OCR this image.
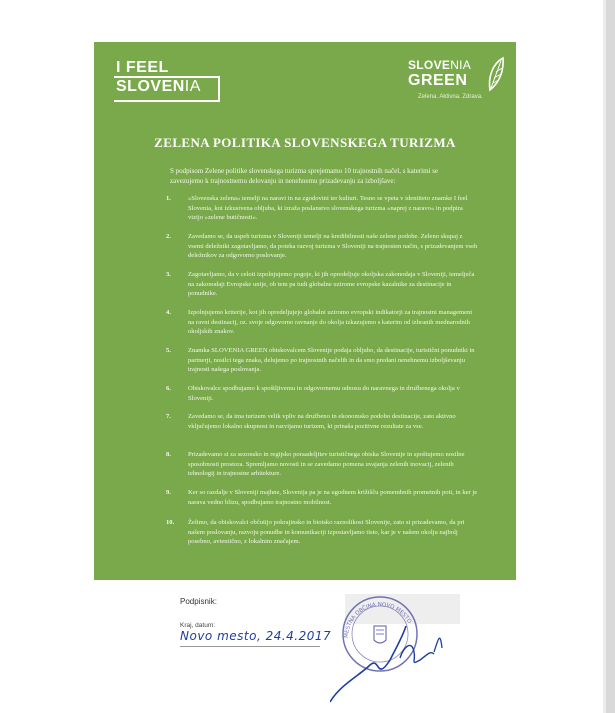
I FEEL
SLOVENIA
SLOVENIA
GREEN
Zelena. Aktivna. Zdrava.
ZELENA POLITIKA SLOVENSKEGA TURIZMA
S podpisom Zelene politike slovenskega turizma sprejemamo 10 trajnostnih načel, s katerimi se zavezujemo k trajnostnemu delovanju in nenehnemu prizadevanju za izboljšave:
1.	»Slovenska zelena« temelji na naravi in na zgodovini ter kulturi. Tesno se vpeta v identiteto znamke I feel Slovenia, kot izkustvena obljuba, ki izraža poslanstvo slovenskega turizma »naprej z naravo« in podpira vizijo »zelene butičnosti«.
2.	Zavedamo se, da uspeh turizma v Sloveniji temelji na kredibilnosti naše zelene podobe. Zeleno skupaj z vsemi deležniki zagotavljamo, da poteka razvoj turizma v Sloveniji na trajnosten način, s prizadevanjem vseh deležnikov za odgovorno poslovanje.
3.	Zagotavljamo, da v celoti izpolnjujemo pogoje, ki jih opredeljuje okoljska zakonodaja v Sloveniji, temelječa na zakonodaji Evropske unije, ob tem pa tudi globalne uzirome evropske kazalnike za destinacije in ponudnike.
4.	Izpolnjujemo kriterije, kot jih opredeljujejo globalni uziromo evropski indikatorji za trajnostni management na ravni destinacij, oz. svoje odgovorno ravnanje do okolja izkazujemo s katerim od izbranih mednarodnih okoljskih znakov.
5.	Znamka SLOVENIA GREEN obiskovalcem Slovenije podaja obljubo, da destinacije, turistični ponudniki in partnerji, nosilci tega znaka, delujemo po trajnostnih načelih in da smo predani nenehnemu izboljševanju trajnosti našega poslovanja.
6.	Obiskovalce spodbujamo k spoštljivemu in odgovornemu odnosu do naravnega in družbenega okolja v Sloveniji.
7.	Zavedamo se, da ima turizem velik vpliv na družbeno in ekonomsko podobo destinacije, zato aktivno vključujemo lokalno skupnost in razvijamo turizem, ki prinaša pozitivne rezultate za vse.
8.	Prizadevamo si za sezonsko in regijsko poraadeljitev turističnega obiska Slovenije in spoštujemo nosilne sposobnosti prostora. Spremljamo novosti in se zavedamo pomena uvajanja zelenih inovacij, zelenih tehnologij in trajnostne arhitekture.
9.	Ker so razdalje v Sloveniji majhne, Slovenija pa je na ugodnem križišču pomembnih prometnih poti, in ker je narava vedno blizu, spodbujamo trajnostno mobilnost.
10. Želimo, da obiskovalci občutijo pokrajinsko in biotsko raznolikost Slovenije, zato si prizadevamo, da pri našem poslovanju, razvoju ponudbe in komunikaciji izpostavljamo tisto, kar je v našem okolju najbolj posebno, avtentično, z lokalnim značajem.
Podpisnik:
Kraj, datum:
Novo mesto, 24.4.2017 MESTNA OBČINA NOVO MESTO
